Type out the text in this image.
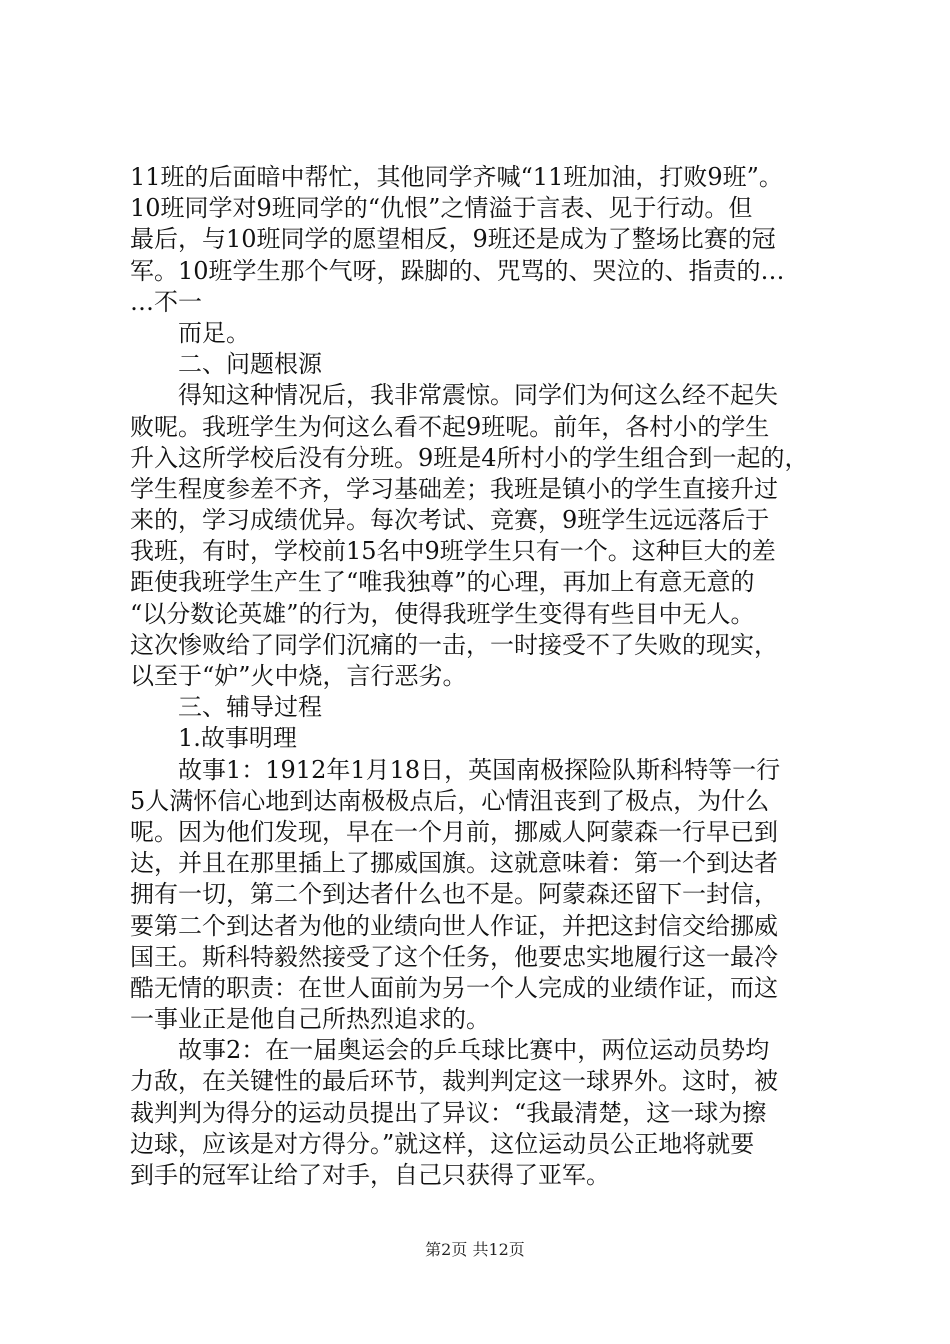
11班的后面暗中帮忙，其他同学齐喊“11班加油，打败9班”。
10班同学对9班同学的“仇恨”之情溢于言表、见于行动。但
最后，与10班同学的愿望相反，9班还是成为了整场比赛的冠
军。10班学生那个气呀，跺脚的、咒骂的、哭泣的、指责的…
…不一
而足。
二、问题根源
得知这种情况后，我非常震惊。同学们为何这么经不起失
败呢。我班学生为何这么看不起9班呢。前年，各村小的学生
升入这所学校后没有分班。9班是4所村小的学生组合到一起的，
学生程度参差不齐，学习基础差；我班是镇小的学生直接升过
来的，学习成绩优异。每次考试、竞赛，9班学生远远落后于
我班，有时，学校前15名中9班学生只有一个。这种巨大的差
距使我班学生产生了“唯我独尊”的心理，再加上有意无意的
“以分数论英雄”的行为，使得我班学生变得有些目中无人。
这次惨败给了同学们沉痛的一击，一时接受不了失败的现实，
以至于“妒”火中烧，言行恶劣。
三、辅导过程
1.故事明理
故事1：1912年1月18日，英国南极探险队斯科特等一行
5人满怀信心地到达南极极点后，心情沮丧到了极点，为什么
呢。因为他们发现，早在一个月前，挪威人阿蒙森一行早已到
达，并且在那里插上了挪威国旗。这就意味着：第一个到达者
拥有一切，第二个到达者什么也不是。阿蒙森还留下一封信，
要第二个到达者为他的业绩向世人作证，并把这封信交给挪威
国王。斯科特毅然接受了这个任务，他要忠实地履行这一最冷
酷无情的职责：在世人面前为另一个人完成的业绩作证，而这
一事业正是他自己所热烈追求的。
故事2：在一届奥运会的乒乓球比赛中，两位运动员势均
力敌，在关键性的最后环节，裁判判定这一球界外。这时，被
裁判判为得分的运动员提出了异议：“我最清楚，这一球为擦
边球，应该是对方得分。”就这样，这位运动员公正地将就要
到手的冠军让给了对手，自己只获得了亚军。
第2页 共12页
